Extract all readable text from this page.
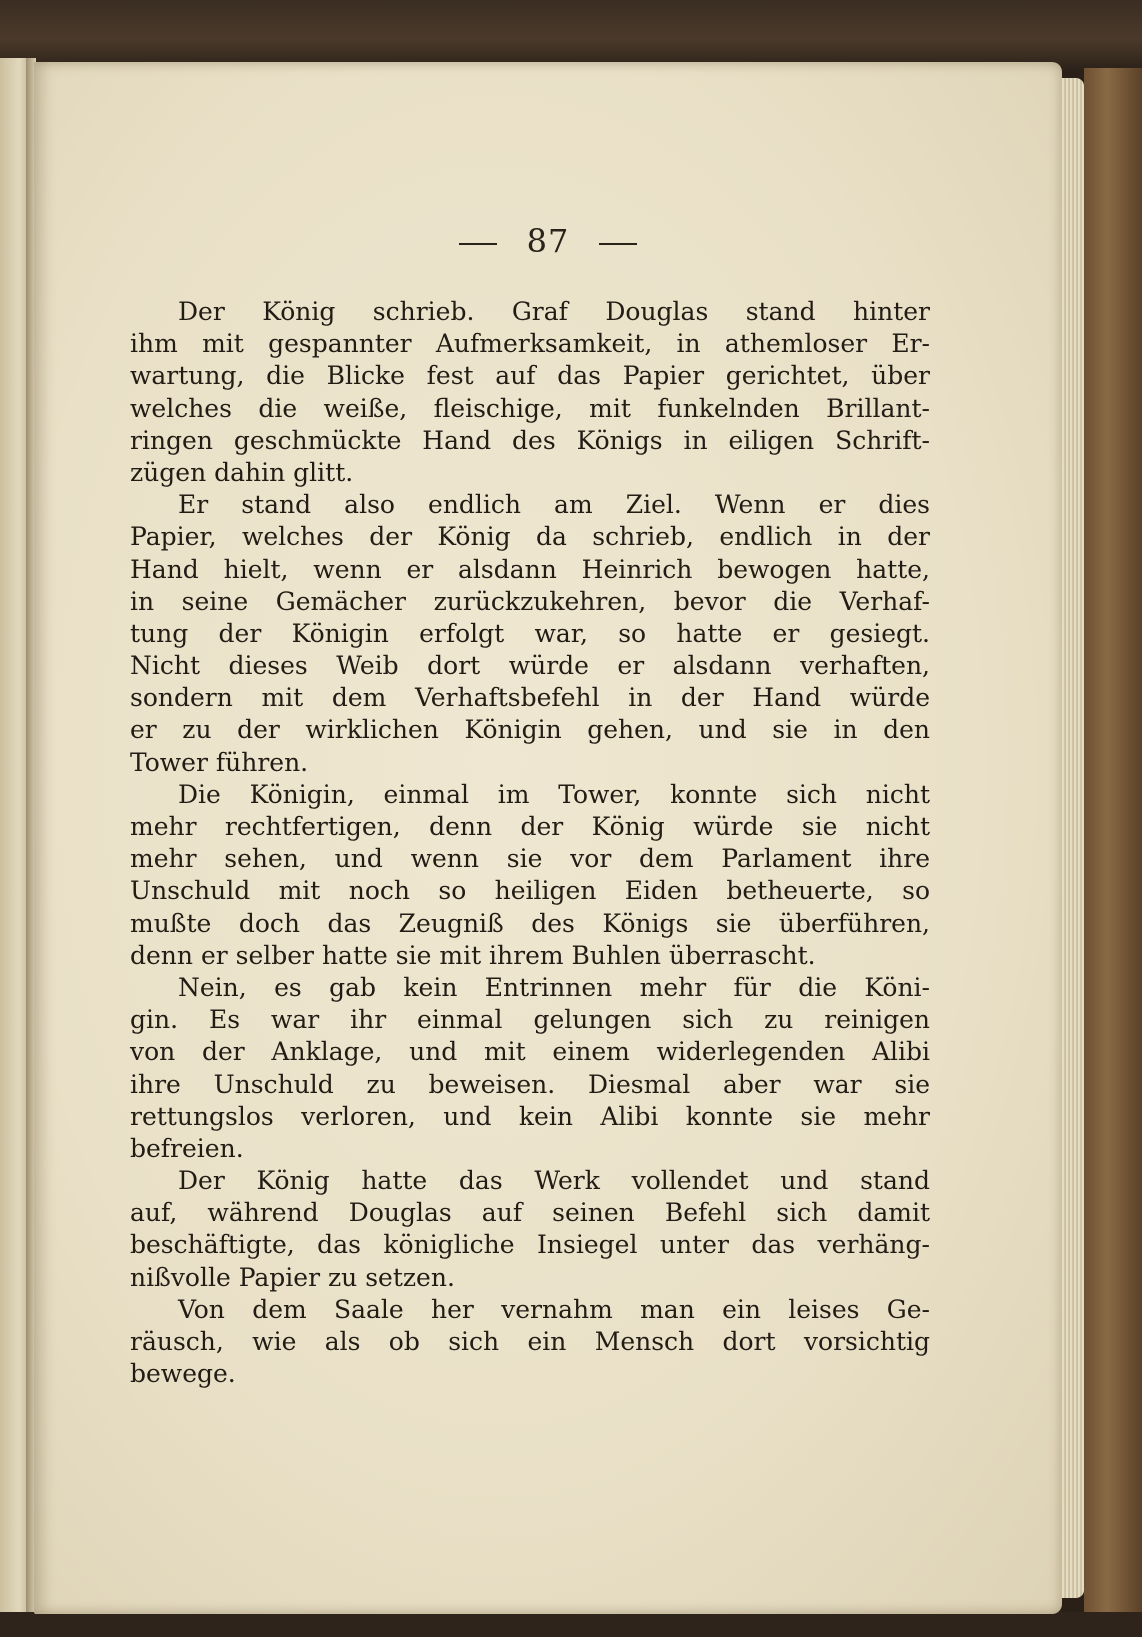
87
Der König schrieb. Graf Douglas stand hinter
ihm mit gespannter Aufmerksamkeit, in athemloser Er-
wartung, die Blicke fest auf das Papier gerichtet, über
welches die weiße, fleischige, mit funkelnden Brillant-
ringen geschmückte Hand des Königs in eiligen Schrift-
zügen dahin glitt.
Er stand also endlich am Ziel. Wenn er dies
Papier, welches der König da schrieb, endlich in der
Hand hielt, wenn er alsdann Heinrich bewogen hatte,
in seine Gemächer zurückzukehren, bevor die Verhaf-
tung der Königin erfolgt war, so hatte er gesiegt.
Nicht dieses Weib dort würde er alsdann verhaften,
sondern mit dem Verhaftsbefehl in der Hand würde
er zu der wirklichen Königin gehen, und sie in den
Tower führen.
Die Königin, einmal im Tower, konnte sich nicht
mehr rechtfertigen, denn der König würde sie nicht
mehr sehen, und wenn sie vor dem Parlament ihre
Unschuld mit noch so heiligen Eiden betheuerte, so
mußte doch das Zeugniß des Königs sie überführen,
denn er selber hatte sie mit ihrem Buhlen überrascht.
Nein, es gab kein Entrinnen mehr für die Köni-
gin. Es war ihr einmal gelungen sich zu reinigen
von der Anklage, und mit einem widerlegenden Alibi
ihre Unschuld zu beweisen. Diesmal aber war sie
rettungslos verloren, und kein Alibi konnte sie mehr
befreien.
Der König hatte das Werk vollendet und stand
auf, während Douglas auf seinen Befehl sich damit
beschäftigte, das königliche Insiegel unter das verhäng-
nißvolle Papier zu setzen.
Von dem Saale her vernahm man ein leises Ge-
räusch, wie als ob sich ein Mensch dort vorsichtig
bewege.
